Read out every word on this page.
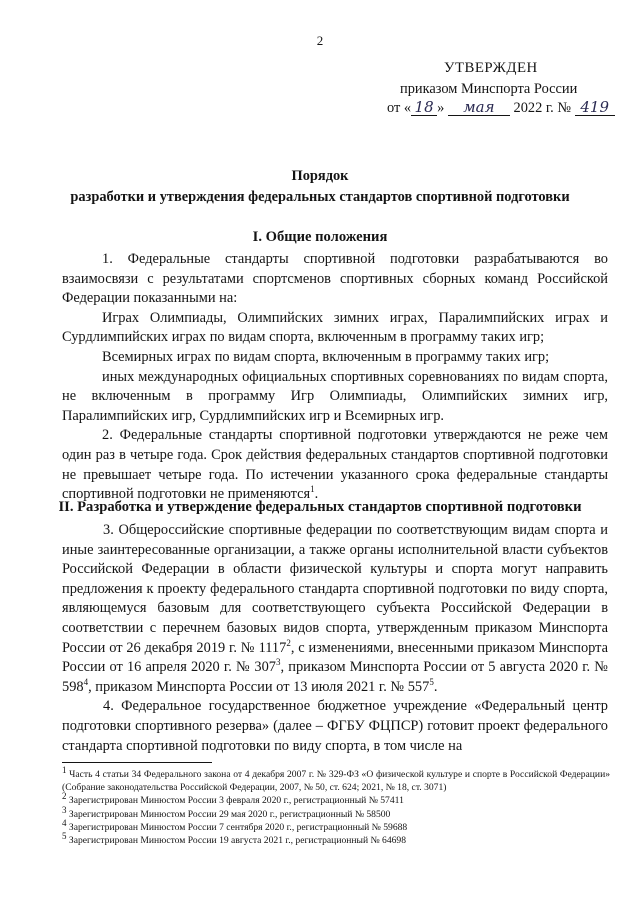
2
УТВЕРЖДЕН
приказом Минспорта России
от « 18 » мая 2022 г. № 419
Порядок
разработки и утверждения федеральных стандартов спортивной подготовки
I. Общие положения

1. Федеральные стандарты спортивной подготовки разрабатываются во взаимосвязи с результатами спортсменов спортивных сборных команд Российской Федерации показанными на:

Играх Олимпиады, Олимпийских зимних играх, Паралимпийских играх и Сурдлимпийских играх по видам спорта, включенным в программу таких игр;

Всемирных играх по видам спорта, включенным в программу таких игр;

иных международных официальных спортивных соревнованиях по видам спорта, не включенным в программу Игр Олимпиады, Олимпийских зимних игр, Паралимпийских игр, Сурдлимпийских игр и Всемирных игр.

2. Федеральные стандарты спортивной подготовки утверждаются не реже чем один раз в четыре года. Срок действия федеральных стандартов спортивной подготовки не превышает четыре года. По истечении указанного срока федеральные стандарты спортивной подготовки не применяются$^1$.

II. Разработка и утверждение федеральных стандартов спортивной подготовки

3. Общероссийские спортивные федерации по соответствующим видам спорта и иные заинтересованные организации, а также органы исполнительной власти субъектов Российской Федерации в области физической культуры и спорта могут направить предложения к проекту федерального стандарта спортивной подготовки по виду спорта, являющемуся базовым для соответствующего субъекта Российской Федерации в соответствии с перечнем базовых видов спорта, утвержденным приказом Минспорта России от 26 декабря 2019 г. № 1117$^2$, с изменениями, внесенными приказом Минспорта России от 16 апреля 2020 г. № $307^3$, приказом Минспорта России от 5 августа 2020 г. № $598^4$, приказом Минспорта России от 13 июля 2021 г. № $557^5$.

4. Федеральное государственное бюджетное учреждение «Федеральный центр подготовки спортивного резерва» (далее – ФГБУ ФЦПСР) готовит проект федерального стандарта спортивной подготовки по виду спорта, в том числе на

$^1$ Часть 4 статьи 34 Федерального закона от 4 декабря 2007 г. № 329-ФЗ «О физической культуре и спорте в Российской Федерации» (Собрание законодательства Российской Федерации, 2007, № 50, ст. 624; 2021, № 18, ст. 3071)

$^2$ Зарегистрирован Минюстом России 3 февраля 2020 г., регистрационный № 57411

$^3$ Зарегистрирован Минюстом России 29 мая 2020 г., регистрационный № 58500

$^4$ Зарегистрирован Минюстом России 7 сентября 2020 г., регистрационный № 59688

$^5$ Зарегистрирован Минюстом России 19 августа 2021 г., регистрационный № 64698
